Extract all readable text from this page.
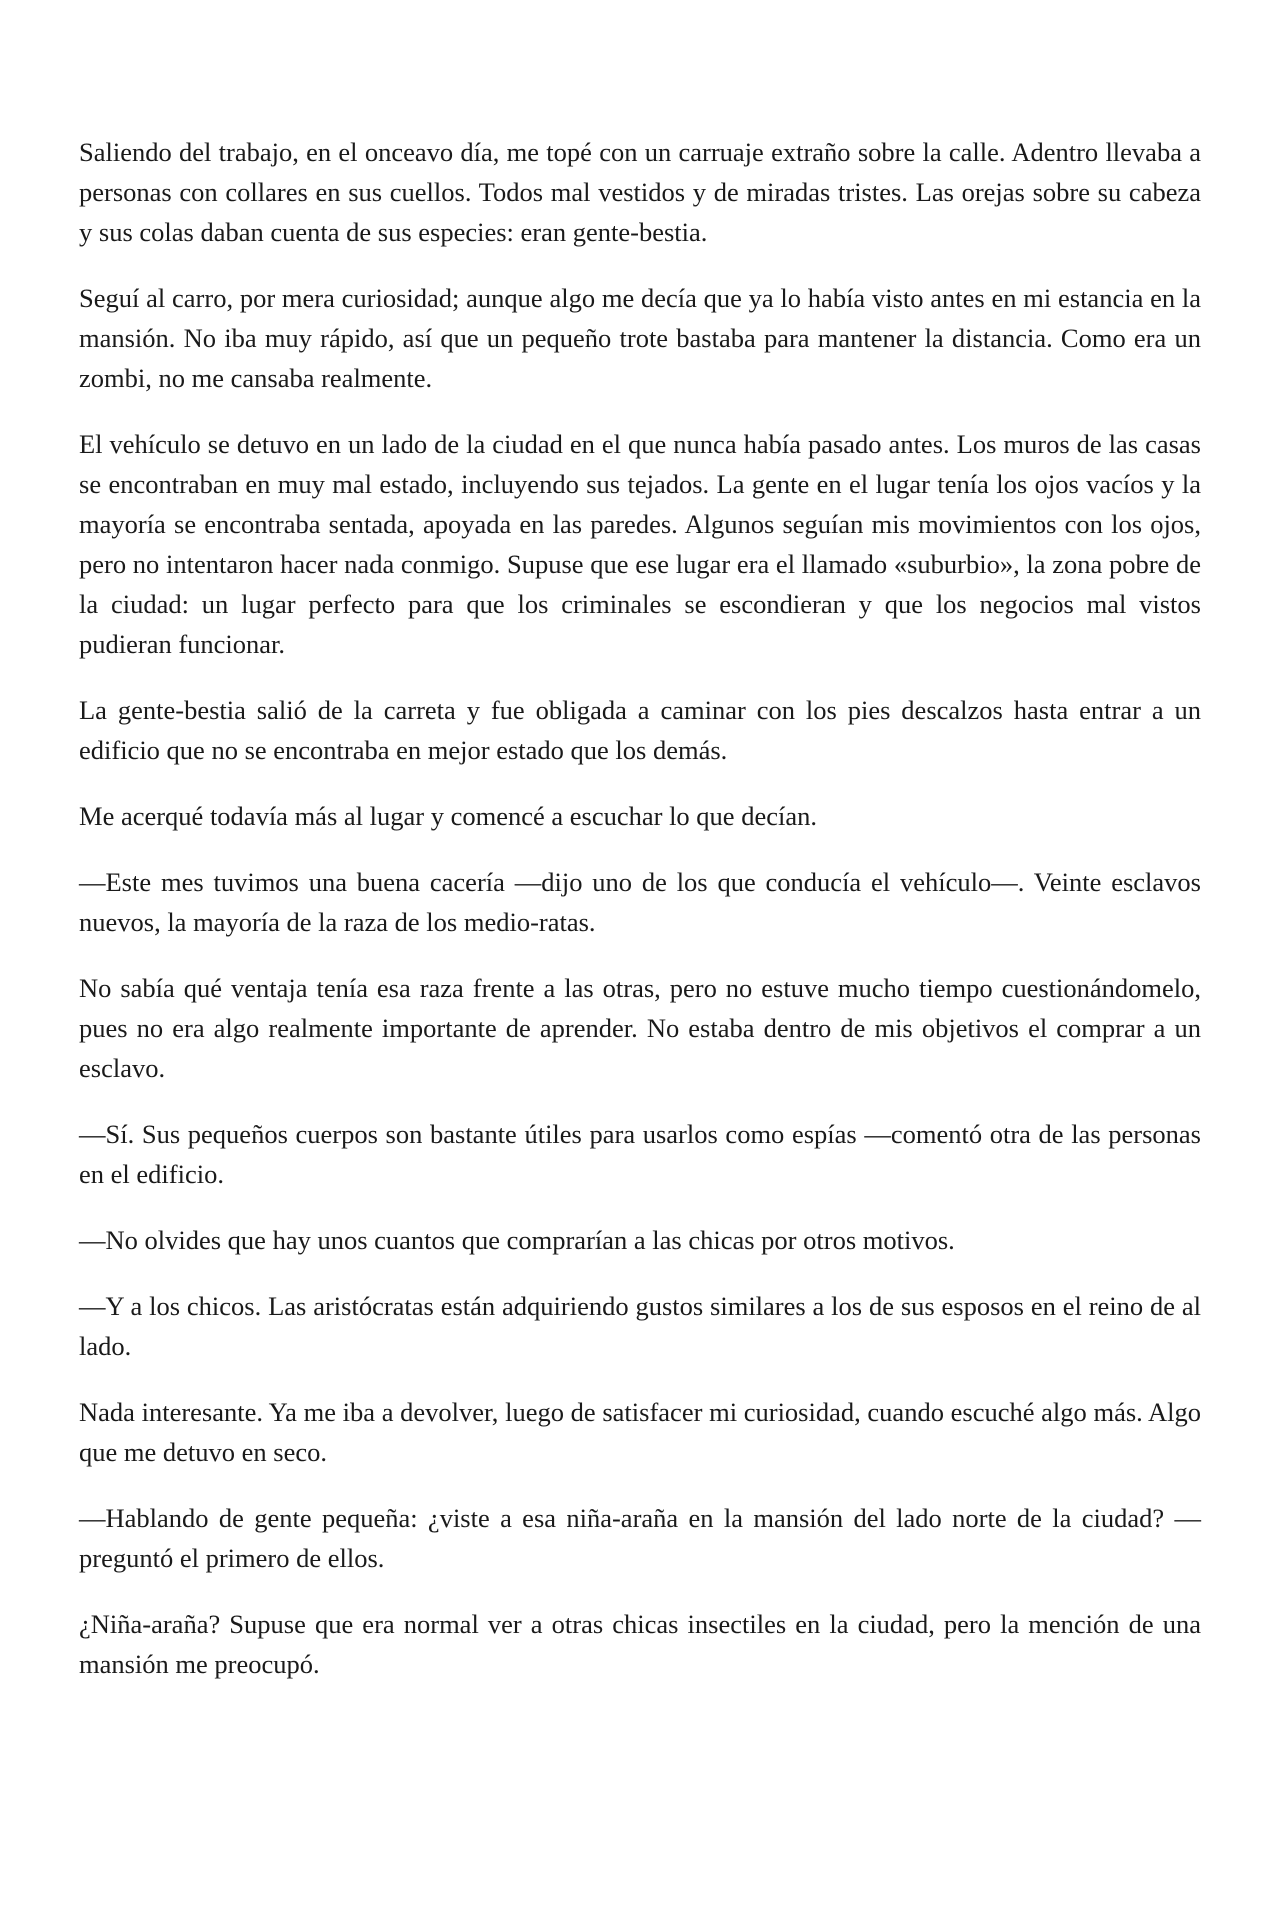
Saliendo del trabajo, en el onceavo día, me topé con un carruaje extraño sobre la calle. Adentro llevaba a personas con collares en sus cuellos. Todos mal vestidos y de miradas tristes. Las orejas sobre su cabeza y sus colas daban cuenta de sus especies: eran gente-bestia.

Seguí al carro, por mera curiosidad; aunque algo me decía que ya lo había visto antes en mi estancia en la mansión. No iba muy rápido, así que un pequeño trote bastaba para mantener la distancia. Como era un zombi, no me cansaba realmente.

El vehículo se detuvo en un lado de la ciudad en el que nunca había pasado antes. Los muros de las casas se encontraban en muy mal estado, incluyendo sus tejados. La gente en el lugar tenía los ojos vacíos y la mayoría se encontraba sentada, apoyada en las paredes. Algunos seguían mis movimientos con los ojos, pero no intentaron hacer nada conmigo. Supuse que ese lugar era el llamado «suburbio», la zona pobre de la ciudad: un lugar perfecto para que los criminales se escondieran y que los negocios mal vistos pudieran funcionar.

La gente-bestia salió de la carreta y fue obligada a caminar con los pies descalzos hasta entrar a un edificio que no se encontraba en mejor estado que los demás.

Me acerqué todavía más al lugar y comencé a escuchar lo que decían.

—Este mes tuvimos una buena cacería —dijo uno de los que conducía el vehículo—. Veinte esclavos nuevos, la mayoría de la raza de los medio-ratas.

No sabía qué ventaja tenía esa raza frente a las otras, pero no estuve mucho tiempo cuestionándomelo, pues no era algo realmente importante de aprender. No estaba dentro de mis objetivos el comprar a un esclavo.

—Sí. Sus pequeños cuerpos son bastante útiles para usarlos como espías —comentó otra de las personas en el edificio.

—No olvides que hay unos cuantos que comprarían a las chicas por otros motivos.

—Y a los chicos. Las aristócratas están adquiriendo gustos similares a los de sus esposos en el reino de al lado.

Nada interesante. Ya me iba a devolver, luego de satisfacer mi curiosidad, cuando escuché algo más. Algo que me detuvo en seco.

—Hablando de gente pequeña: ¿viste a esa niña-araña en la mansión del lado norte de la ciudad? —preguntó el primero de ellos.

¿Niña-araña? Supuse que era normal ver a otras chicas insectiles en la ciudad, pero la mención de una mansión me preocupó.
